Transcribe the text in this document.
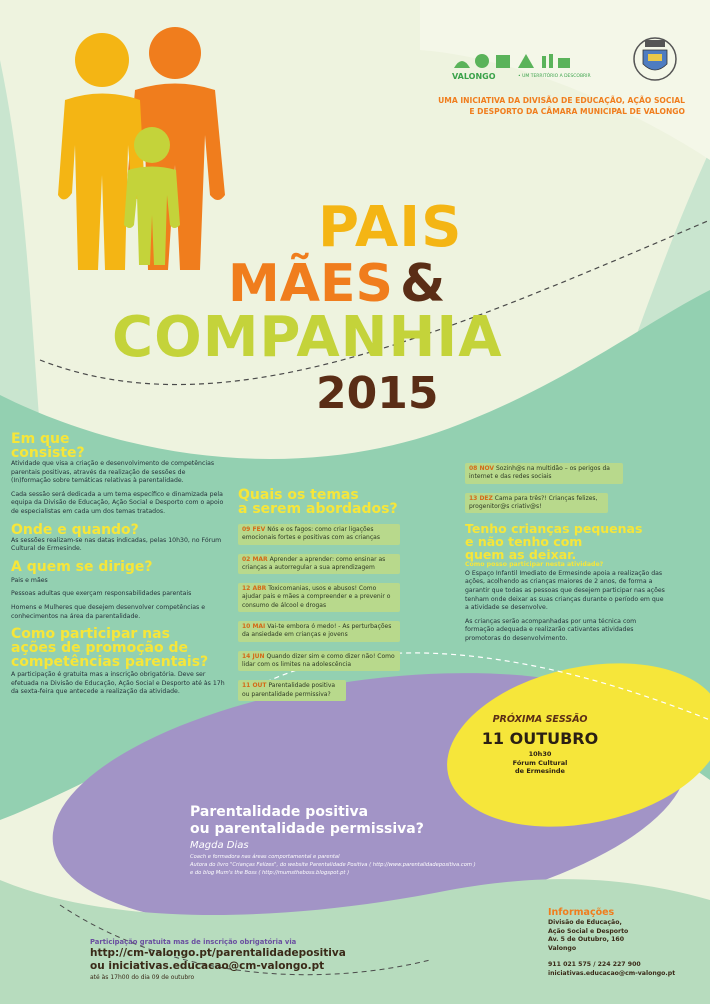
VALONGO	• UM TERRITÓRIO A DESCOBRIR
UMA INICIATIVA DA DIVISÃO DE EDUCAÇÃO, AÇÃO SOCIAL
E DESPORTO DA CÂMARA MUNICIPAL DE VALONGO
PAIS
MÃES &
COMPANHIA
2015
Em que
consiste?
Atividade que visa a criação e desenvolvimento de competências parentais positivas, através da realização de sessões de (In)formação sobre temáticas relativas à parentalidade.
Cada sessão será dedicada a um tema específico e dinamizada pela equipa da Divisão de Educação, Ação Social e Desporto com o apoio de especialistas em cada um dos temas tratados.
Onde e quando?
As sessões realizam-se nas datas indicadas, pelas 10h30, no Fórum Cultural de Ermesinde.
A quem se dirige?
Pais e mães
Pessoas adultas que exerçam responsabilidades parentais
Homens e Mulheres que desejem desenvolver competências e conhecimentos na área da parentalidade.
Como participar nas
ações de promoção de
competências parentais?
A participação é gratuita mas a inscrição obrigatória. Deve ser efetuada na Divisão de Educação, Ação Social e Desporto até às 17h da sexta-feira que antecede a realização da atividade.
Quais os temas
a serem abordados?
09 FEV Nós e os fagos: como criar ligações emocionais fortes e positivas com as crianças
02 MAR Aprender a aprender: como ensinar as crianças a autorregular a sua aprendizagem
12 ABR Toxicomanias, usos e abusos! Como ajudar pais e mães a compreender e a prevenir o consumo de álcool e drogas
10 MAI Vai-te embora ó medo! - As perturbações da ansiedade em crianças e jovens
14 JUN Quando dizer sim e como dizer não! Como lidar com os limites na adolescência
11 OUT Parentalidade positiva ou parentalidade permissiva?
08 NOV Sozinh@s na multidão – os perigos da internet e das redes sociais
13 DEZ Cama para três?! Crianças felizes, progenitor@s criativ@s!
Tenho crianças pequenas
e não tenho com
quem as deixar.
Como posso participar nesta atividade?
O Espaço Infantil Imediato de Ermesinde apoia a realização das ações, acolhendo as crianças maiores de 2 anos, de forma a garantir que todas as pessoas que desejem participar nas ações tenham onde deixar as suas crianças durante o período em que a atividade se desenvolve.
As crianças serão acompanhadas por uma técnica com formação adequada e realizarão cativantes atividades promotoras do desenvolvimento.
PRÓXIMA SESSÃO
11 OUTUBRO
10h30
Fórum Cultural
de Ermesinde
Parentalidade positiva
ou parentalidade permissiva?
Magda Dias
Coach e formadora nas áreas comportamental e parental
Autora do livro "Crianças Felizes", do website Parentalidade Positiva ( http://www.parentalidadepositiva.com )
e do blog Mum's the Boss ( http://mumstheboss.blogspot.pt )
Participação gratuita mas de inscrição obrigatória via
http://cm-valongo.pt/parentalidadepositiva
ou iniciativas.educacao@cm-valongo.pt
até às 17h00 do dia 09 de outubro
Informações
Divisão de Educação,
Ação Social e Desporto
Av. 5 de Outubro, 160
Valongo
911 021 575 / 224 227 900
iniciativas.educacao@cm-valongo.pt
